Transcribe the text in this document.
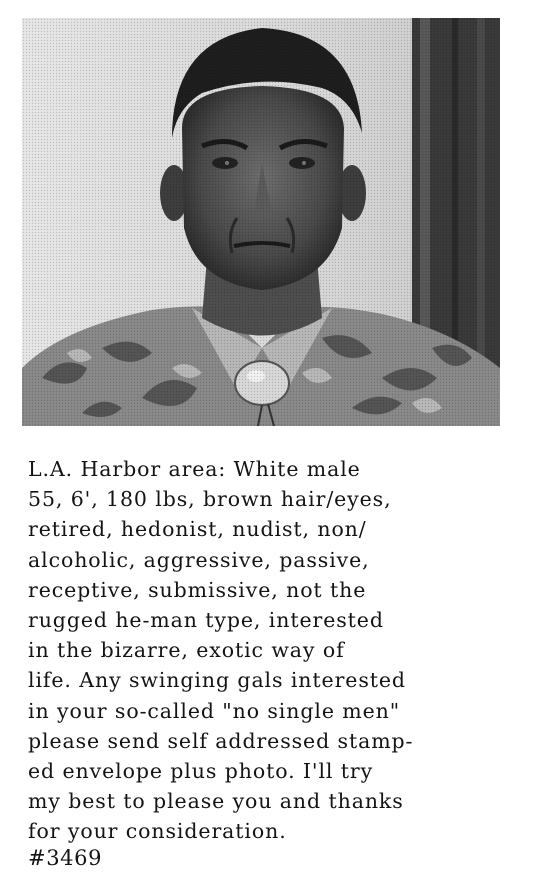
L.A. Harbor area: White male
55, 6', 180 lbs, brown hair/eyes,
retired, hedonist, nudist, non/
alcoholic, aggressive, passive,
receptive, submissive, not the
rugged he-man type, interested
in the bizarre, exotic way of
life. Any swinging gals interested
in your so-called "no single men"
please send self addressed stamp-
ed envelope plus photo. I'll try
my best to please you and thanks
for your consideration.
#3469
